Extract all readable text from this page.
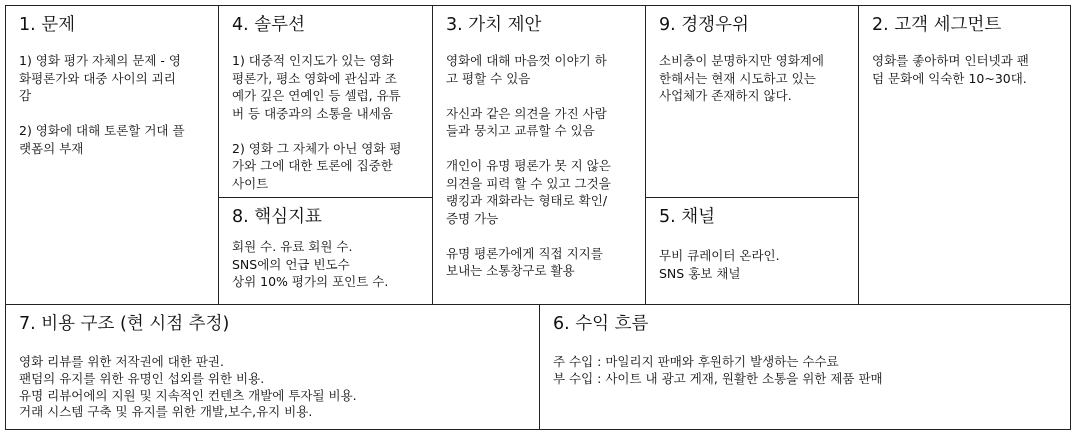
1. 문제
1) 영화 평가 자체의 문제 - 영
화평론가와 대중 사이의 괴리
감

2) 영화에 대해 토론할 거대 플
랫폼의 부재
4. 솔루션
1) 대중적 인지도가 있는 영화
평론가, 평소 영화에 관심과 조
예가 깊은 연예인 등 셀럽, 유튜
버 등 대중과의 소통을 내세움

2) 영화 그 자체가 아닌 영화 평
가와 그에 대한 토론에 집중한
사이트
8. 핵심지표
회원 수. 유료 회원 수.
SNS에의 언급 빈도수
상위 10% 평가의 포인트 수.
3. 가치 제안
영화에 대해 마음껏 이야기 하
고 평할 수 있음

자신과 같은 의견을 가진 사람
들과 뭉치고 교류할 수 있음

개인이 유명 평론가 못 지 않은
의견을 피력 할 수 있고 그것을
랭킹과 재화라는 형태로 확인/
증명 가능

유명 평론가에게 직접 지지를
보내는 소통창구로 활용
9. 경쟁우위
소비층이 분명하지만 영화계에
한해서는 현재 시도하고 있는
사업체가 존재하지 않다.
5. 채널
무비 큐레이터 온라인.
SNS 홍보 채널
2. 고객 세그먼트
영화를 좋아하며 인터넷과 팬
덤 문화에 익숙한 10~30대.
7. 비용 구조 (현 시점 추정)
영화 리뷰를 위한 저작권에 대한 판권.
팬덤의 유지를 위한 유명인 섭외를 위한 비용.
유명 리뷰어에의 지원 및 지속적인 컨텐츠 개발에 투자될 비용.
거래 시스템 구축 및 유지를 위한 개발,보수,유지 비용.
6. 수익 흐름
주 수입 : 마일리지 판매와 후원하기 발생하는 수수료
부 수입 : 사이트 내 광고 게재, 원활한 소통을 위한 제품 판매
